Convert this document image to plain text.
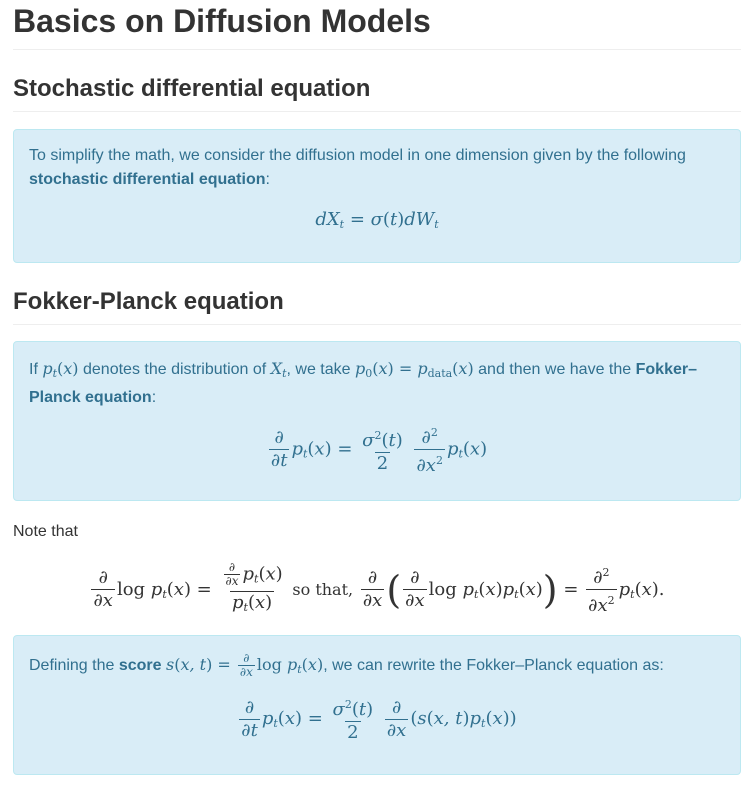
Basics on Diffusion Models
Stochastic differential equation
To simplify the math, we consider the diffusion model in one dimension given by the following stochastic differential equation:
$dX_t = \sigma(t)dW_t$
Fokker-Planck equation
If $p_t(x)$ denotes the distribution of $X_t$, we take $p_0(x) = p_{data}(x)$ and then we have the Fokker–Planck equation:
$\frac{\partial}{\partial t} p_t(x) = \frac{\sigma^2(t)}{2}$
$\frac{\partial^2}{\partial x^2} p_t(x)$
Note that
$\frac{\partial}{\partial x}$ $\log p_t(x) = \frac{\frac{\partial}{\partial x} p_t(x)}{p_t(x)}$ so that, $\frac{\partial}{\partial x}$ ( $\frac{\partial}{\partial x}$ $\log p_t(x)p_t(x)) = \frac{\partial^2}{\partial x^2} p_t(x)$.
Defining the score s(x, $t) = \frac{\partial}{\partial x}$ $\log p_t(x)$, we can rewrite the Fokker–Planck equation as:
$\frac{\partial}{\partial t} p_t(x) = \frac{\sigma^2(t)}{2}$
$\frac{\partial}{\partial x} (s(x$, $t)p_t(x)$)
